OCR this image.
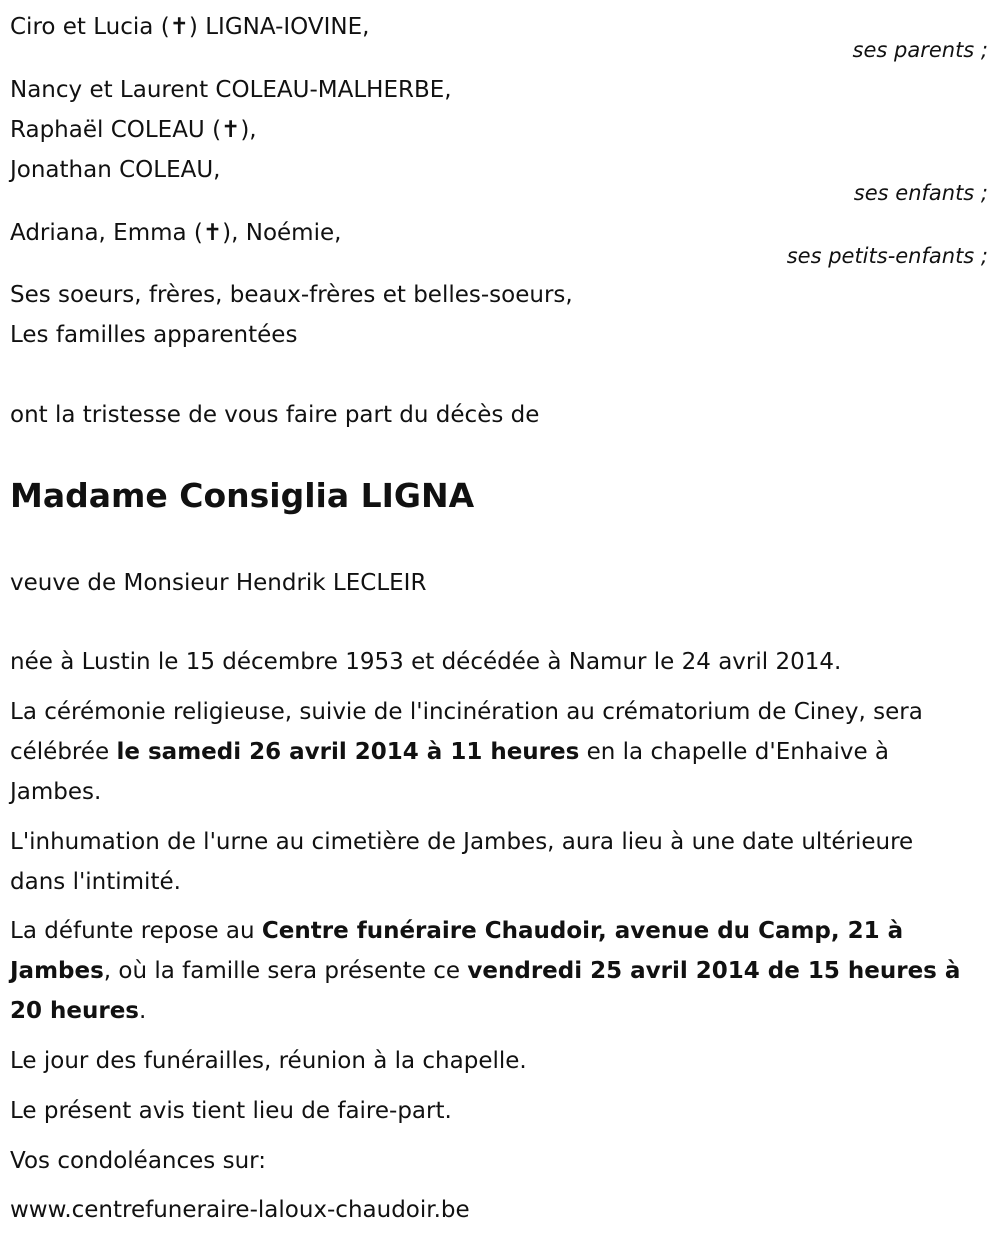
Ciro et Lucia (✝) LIGNA-IOVINE,
ses parents ;
Nancy et Laurent COLEAU-MALHERBE,
Raphaël COLEAU (✝),
Jonathan COLEAU,
ses enfants ;
Adriana, Emma (✝), Noémie,
ses petits-enfants ;
Ses soeurs, frères, beaux-frères et belles-soeurs,
Les familles apparentées
ont la tristesse de vous faire part du décès de
Madame Consiglia LIGNA
veuve de Monsieur Hendrik LECLEIR
née à Lustin le 15 décembre 1953 et décédée à Namur le 24 avril 2014.
La cérémonie religieuse, suivie de l'incinération au crématorium de Ciney, sera célébrée le samedi 26 avril 2014 à 11 heures en la chapelle d'Enhaive à Jambes.
L'inhumation de l'urne au cimetière de Jambes, aura lieu à une date ultérieure dans l'intimité.
La défunte repose au Centre funéraire Chaudoir, avenue du Camp, 21 à Jambes, où la famille sera présente ce vendredi 25 avril 2014 de 15 heures à 20 heures.
Le jour des funérailles, réunion à la chapelle.
Le présent avis tient lieu de faire-part.
Vos condoléances sur:
www.centrefuneraire-laloux-chaudoir.be
